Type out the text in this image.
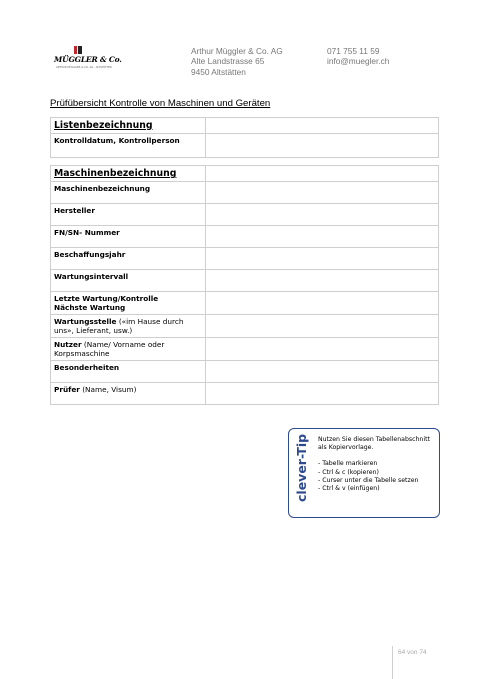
MÜGGLER & Co.
ARTHUR MÜGGLER & CO. AG · ALTSTÄTTEN
Arthur Müggler & Co. AG
Alte Landstrasse 65
9450 Altstätten
071 755 11 59
info@muegler.ch
Prüfübersicht Kontrolle von Maschinen und Geräten
Listenbezeichnung	
Kontrolldatum, Kontrollperson	
Maschinenbezeichnung	
Maschinenbezeichnung	
Hersteller	
FN/SN- Nummer	
Beschaffungsjahr	
Wartungsintervall	
Letzte Wartung/Kontrolle
Nächste Wartung	
Wartungsstelle («im Hause durch uns», Lieferant, usw.)	
Nutzer (Name/ Vorname oder Korpsmaschine	
Besonderheiten	
Prüfer (Name, Visum)	
clever-Tip	Nutzen Sie diesen Tabellenabschnitt als Kopiervorlage.
- Tabelle markieren
- Ctrl & c (kopieren)
- Curser unter die Tabelle setzen
- Ctrl & v (einfügen)
64 von 74
